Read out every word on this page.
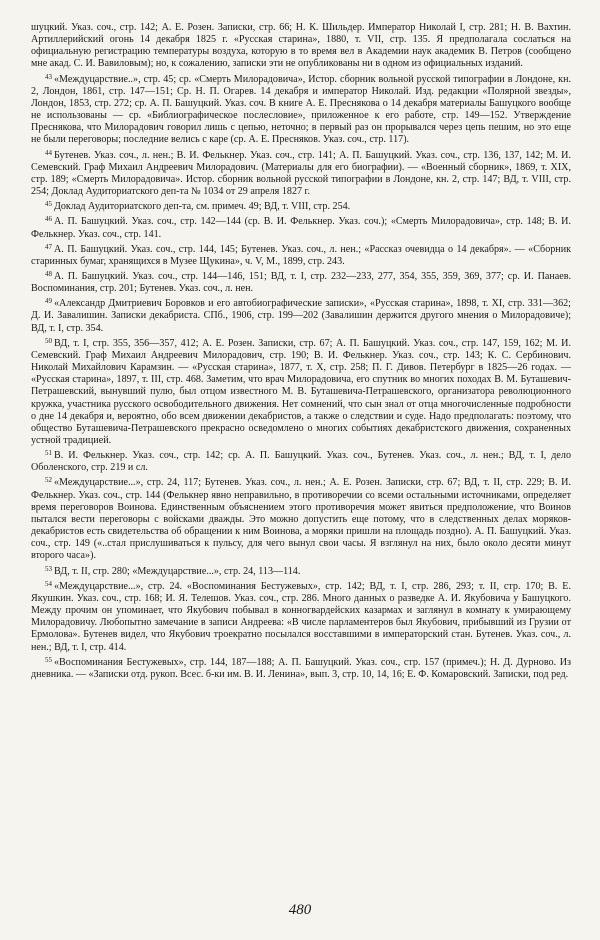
шуцкий. Указ. соч., стр. 142; А. Е. Розен. Записки, стр. 66; Н. К. Шильдер. Император Николай I, стр. 281; Н. В. Вахтин. Артиллерийский огонь 14 декабря 1825 г. «Русская старина», 1880, т. VII, стр. 135. Я предполагала сослаться на официальную регистрацию температуры воздуха, которую в то время вел в Академии наук академик В. Петров (сообщено мне акад. С. И. Вавиловым); но, к сожалению, записки эти не опубликованы ни в одном из официальных изданий.

$^{43}$ «Междуцарствие..», стр. 45; ср. «Смерть Милорадовича», Истор. сборник вольной русской типографии в Лондоне, кн. 2, Лондон, 1861, стр. 147—151; Ср. Н. П. Огарев. 14 декабря и император Николай. Изд. редакции «Полярной звезды», Лондон, 1853, стр. 272; ср. А. П. Башуцкий. Указ. соч. В книге А. Е. Преснякова о 14 декабря материалы Башуцкого вообще не использованы — ср. «Библиографическое послесловие», приложенное к его работе, стр. 149—152. Утверждение Преснякова, что Милорадович говорил лишь с цепью, неточно; в первый раз он прорывался через цепь пешим, но это еще не были переговоры; последние велись с каре (ср. А. Е. Пресняков. Указ. соч., стр. 117).

$^{44}$ Бутенев. Указ. соч., л. нен.; В. И. Фелькнер. Указ. соч., стр. 141; А. П. Башуцкий. Указ. соч., стр. 136, 137, 142; М. И. Семевский. Граф Михаил Андреевич Милорадович. (Материалы для его биографии). — «Военный сборник», 1869, т. XIX, стр. 189; «Смерть Милорадовича». Истор. сборник вольной русской типографии в Лондоне, кн. 2, стр. 147; ВД, т. VIII, стр. 254; Доклад Аудиториатского деп-та № 1034 от 29 апреля 1827 г.

$^{45}$ Доклад Аудиториатского деп-та, см. примеч. 49; ВД, т. VIII, стр. 254.

$^{46}$ А. П. Башуцкий. Указ. соч., стр. 142—144 (ср. В. И. Фелькнер. Указ. соч.); «Смерть Милорадовича», стр. 148; В. И. Фелькнер. Указ. соч., стр. 141.

$^{47}$ А. П. Башуцкий. Указ. соч., стр. 144, 145; Бутенев. Указ. соч., л. нен.; «Рассказ очевидца о 14 декабря». — «Сборник старинных бумаг, хранящихся в Музее Щукина», ч. V, М., 1899, стр. 243.

$^{48}$ А. П. Башуцкий. Указ. соч., стр. 144—146, 151; ВД, т. I, стр. 232—233, 277, 354, 355, 359, 369, 377; ср. И. Панаев. Воспоминания, стр. 201; Бутенев. Указ. соч., л. нен.

$^{49}$ «Александр Дмитриевич Боровков и его автобиографические записки», «Русская старина», 1898, т. XI, стр. 331—362; Д. И. Завалишин. Записки декабриста. СПб., 1906, стр. 199—202 (Завалишин держится другого мнения о Милорадовиче); ВД, т. I, стр. 354.

$^{50}$ ВД, т. I, стр. 355, 356—357, 412; А. Е. Розен. Записки, стр. 67; А. П. Башуцкий. Указ. соч., стр. 147, 159, 162; М. И. Семевский. Граф Михаил Андреевич Милорадович, стр. 190; В. И. Фелькнер. Указ. соч., стр. 143; К. С. Сербинович. Николай Михайлович Карамзин. — «Русская старина», 1877, т. X, стр. 258; П. Г. Дивов. Петербург в 1825—26 годах. — «Русская старина», 1897, т. III, стр. 468. Заметим, что врач Милорадовича, его спутник во многих походах В. М. Буташевич-Петрашевский, вынувший пулю, был отцом известного М. В. Буташевича-Петрашевского, организатора революционного кружка, участника русского освободительного движения. Нет сомнений, что сын знал от отца многочисленные подробности о дне 14 декабря и, вероятно, обо всем движении декабристов, а также о следствии и суде. Надо предполагать: поэтому, что общество Буташевича-Петрашевского прекрасно осведомлено о многих событиях декабристского движения, сохраненных устной традицией.

$^{51}$ В. И. Фелькнер. Указ. соч., стр. 142; ср. А. П. Башуцкий. Указ. соч., Бутенев. Указ. соч., л. нен.; ВД, т. I, дело Оболенского, стр. 219 и сл.

$^{52}$ «Междуцарствие...», стр. 24, 117; Бутенев. Указ. соч., л. нен.; А. Е. Розен. Записки, стр. 67; ВД, т. II, стр. 229; В. И. Фелькнер. Указ. соч., стр. 144 (Фелькнер явно неправильно, в противоречии со всеми остальными источниками, определяет время переговоров Воинова. Единственным объяснением этого противоречия может явиться предположение, что Воинов пытался вести переговоры с войсками дважды. Это можно допустить еще потому, что в следственных делах моряков-декабристов есть свидетельства об обращении к ним Воинова, а моряки пришли на площадь поздно). А. П. Башуцкий. Указ. соч., стр. 149 («..стал прислушиваться к пульсу, для чего вынул свои часы. Я взглянул на них, было около десяти минут второго часа»).

$^{53}$ ВД, т. II, стр. 280; «Междуцарствие...», стр. 24, 113—114.

$^{54}$ «Междуцарствие...», стр. 24. «Воспоминания Бестужевых», стр. 142; ВД, т. I, стр. 286, 293; т. II, стр. 170; В. Е. Якушкин. Указ. соч., стр. 168; И. Я. Телешов. Указ. соч., стр. 286. Много данных о разведке А. И. Якубовича у Башуцкого. Между прочим он упоминает, что Якубович побывал в конногвардейских казармах и заглянул в комнату к умирающему Милорадовичу. Любопытно замечание в записи Андреева: «В числе парламентеров был Якубович, прибывший из Грузии от Ермолова». Бутенев видел, что Якубович троекратно посылался восставшими в императорский стан. Бутенев. Указ. соч., л. нен.; ВД, т. I, стр. 414.

$^{55}$ «Воспоминания Бестужевых», стр. 144, 187—188; А. П. Башуцкий. Указ. соч., стр. 157 (примеч.); Н. Д. Дурново. Из дневника. — «Записки отд. рукоп. Всес. б-ки им. В. И. Ленина», вып. 3, стр. 10, 14, 16; Е. Ф. Комаровский. Записки, под ред.

480
